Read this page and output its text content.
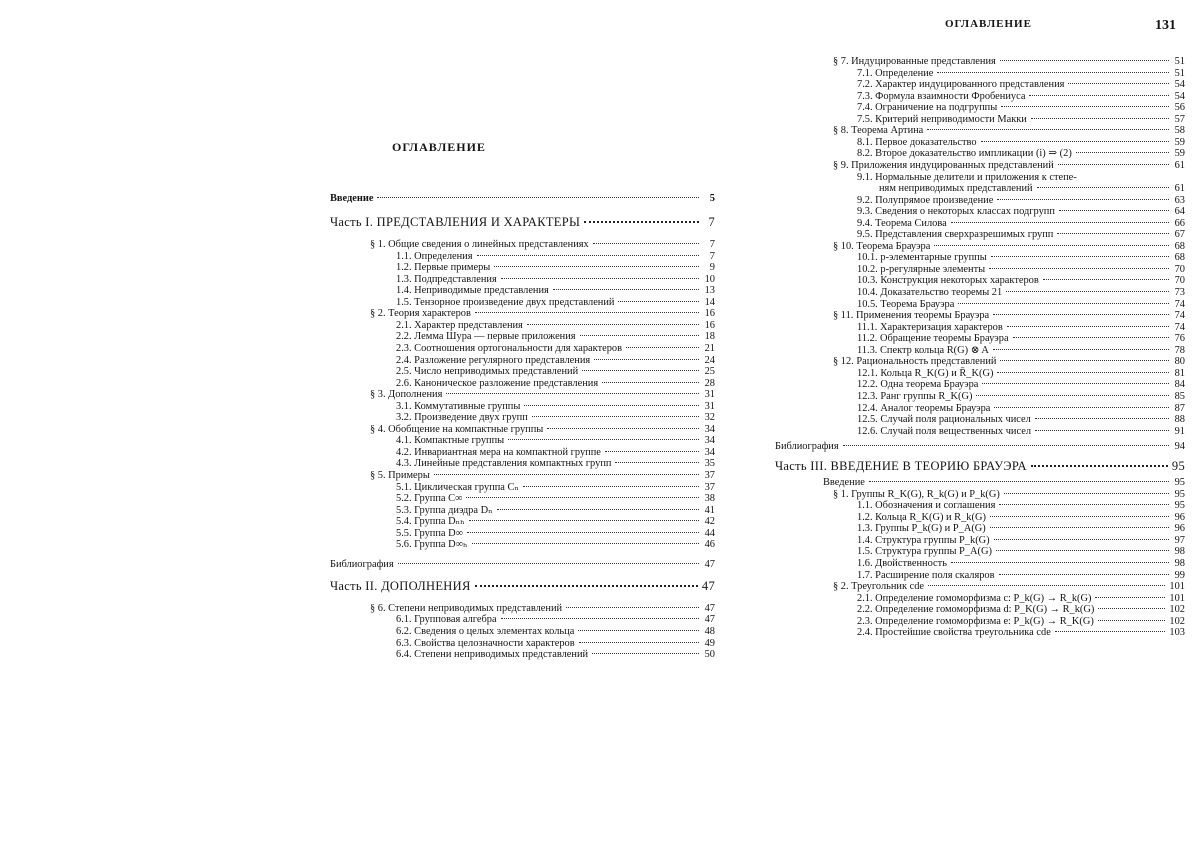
ОГЛАВЛЕНИЕ	131
ОГЛАВЛЕНИЕ
Введение	5
Часть I. ПРЕДСТАВЛЕНИЯ И ХАРАКТЕРЫ	7
§ 1. Общие сведения о линейных представлениях	7
1.1. Определения	7
1.2. Первые примеры	9
1.3. Подпредставления	10
1.4. Неприводимые представления	13
1.5. Тензорное произведение двух представлений	14
§ 2. Теория характеров	16
2.1. Характер представления	16
2.2. Лемма Шура — первые приложения	18
2.3. Соотношения ортогональности для характеров	21
2.4. Разложение регулярного представления	24
2.5. Число неприводимых представлений	25
2.6. Каноническое разложение представления	28
§ 3. Дополнения	31
3.1. Коммутативные группы	31
3.2. Произведение двух групп	32
§ 4. Обобщение на компактные группы	34
4.1. Компактные группы	34
4.2. Инвариантная мера на компактной группе	34
4.3. Линейные представления компактных групп	35
§ 5. Примеры	37
5.1. Циклическая группа Cₙ	37
5.2. Группа C∞	38
5.3. Группа диэдра Dₙ	41
5.4. Группа Dₙₕ	42
5.5. Группа D∞	44
5.6. Группа D∞ₕ	46
Библиография	47
Часть II. ДОПОЛНЕНИЯ	47
§ 6. Степени неприводимых представлений	47
6.1. Групповая алгебра	47
6.2. Сведения о целых элементах кольца	48
6.3. Свойства целозначности характеров	49
6.4. Степени неприводимых представлений	50
§ 7. Индуцированные представления	51
7.1. Определение	51
7.2. Характер индуцированного представления	54
7.3. Формула взаимности Фробениуса	54
7.4. Ограничение на подгруппы	56
7.5. Критерий неприводимости Макки	57
§ 8. Теорема Артина	58
8.1. Первое доказательство	59
8.2. Второе доказательство импликации (i) ⇒ (2)	59
§ 9. Приложения индуцированных представлений	61
9.1. Нормальные делители и приложения к степе-
ням неприводимых представлений	61
9.2. Полупрямое произведение	63
9.3. Сведения о некоторых классах подгрупп	64
9.4. Теорема Силова	66
9.5. Представления сверхразрешимых групп	67
§ 10. Теорема Брауэра	68
10.1. p-элементарные группы	68
10.2. p-регулярные элементы	70
10.3. Конструкция некоторых характеров	70
10.4. Доказательство теоремы 21	73
10.5. Теорема Брауэра	74
§ 11. Применения теоремы Брауэра	74
11.1. Характеризация характеров	74
11.2. Обращение теоремы Брауэра	76
11.3. Спектр кольца R(G) ⊗ A	78
§ 12. Рациональность представлений	80
12.1. Кольца R_K(G) и R̄_K(G)	81
12.2. Одна теорема Брауэра	84
12.3. Ранг группы R_K(G)	85
12.4. Аналог теоремы Брауэра	87
12.5. Случай поля рациональных чисел	88
12.6. Случай поля вещественных чисел	91
Библиография	94
Часть III. ВВЕДЕНИЕ В ТЕОРИЮ БРАУЭРА	95
Введение	95
§ 1. Группы R_K(G), R_k(G) и P_k(G)	95
1.1. Обозначения и соглашения	95
1.2. Кольца R_K(G) и R_k(G)	96
1.3. Группы P_k(G) и P_A(G)	96
1.4. Структура группы P_k(G)	97
1.5. Структура группы P_A(G)	98
1.6. Двойственность	98
1.7. Расширение поля скаляров	99
§ 2. Треугольник cde	101
2.1. Определение гомоморфизма c: P_k(G) → R_k(G)	101
2.2. Определение гомоморфизма d: P_K(G) → R_k(G)	102
2.3. Определение гомоморфизма e: P_k(G) → R_K(G)	102
2.4. Простейшие свойства треугольника cde	103
